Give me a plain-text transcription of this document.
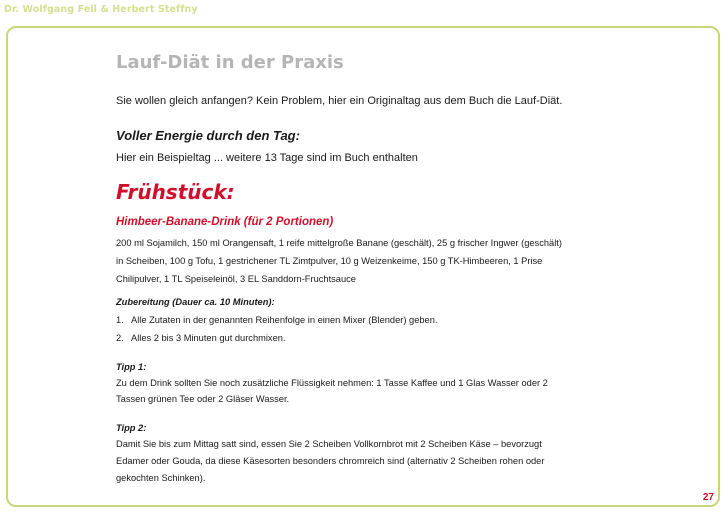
Dr. Wolfgang Feil & Herbert Steffny
Lauf-Diät in der Praxis
Sie wollen gleich anfangen? Kein Problem, hier ein Originaltag aus dem Buch die Lauf-Diät.
Voller Energie durch den Tag:
Hier ein Beispieltag ... weitere 13 Tage sind im Buch enthalten
Frühstück:
Himbeer-Banane-Drink (für 2 Portionen)
200 ml Sojamilch, 150 ml Orangensaft, 1 reife mittelgroße Banane (geschält), 25 g frischer Ingwer (geschält)
in Scheiben, 100 g Tofu, 1 gestrichener TL Zimtpulver, 10 g Weizenkeime, 150 g TK-Himbeeren, 1 Prise
Chilipulver, 1 TL Speiseleinöl, 3 EL Sanddorn-Fruchtsauce
Zubereitung (Dauer ca. 10 Minuten):
1.   Alle Zutaten in der genannten Reihenfolge in einen Mixer (Blender) geben.
2.   Alles 2 bis 3 Minuten gut durchmixen.
Tipp 1:
Zu dem Drink sollten Sie noch zusätzliche Flüssigkeit nehmen: 1 Tasse Kaffee und 1 Glas Wasser oder 2
Tassen grünen Tee oder 2 Gläser Wasser.
Tipp 2:
Damit Sie bis zum Mittag satt sind, essen Sie 2 Scheiben Vollkornbrot mit 2 Scheiben Käse – bevorzugt
Edamer oder Gouda, da diese Käsesorten besonders chromreich sind (alternativ 2 Scheiben rohen oder
gekochten Schinken).
27
